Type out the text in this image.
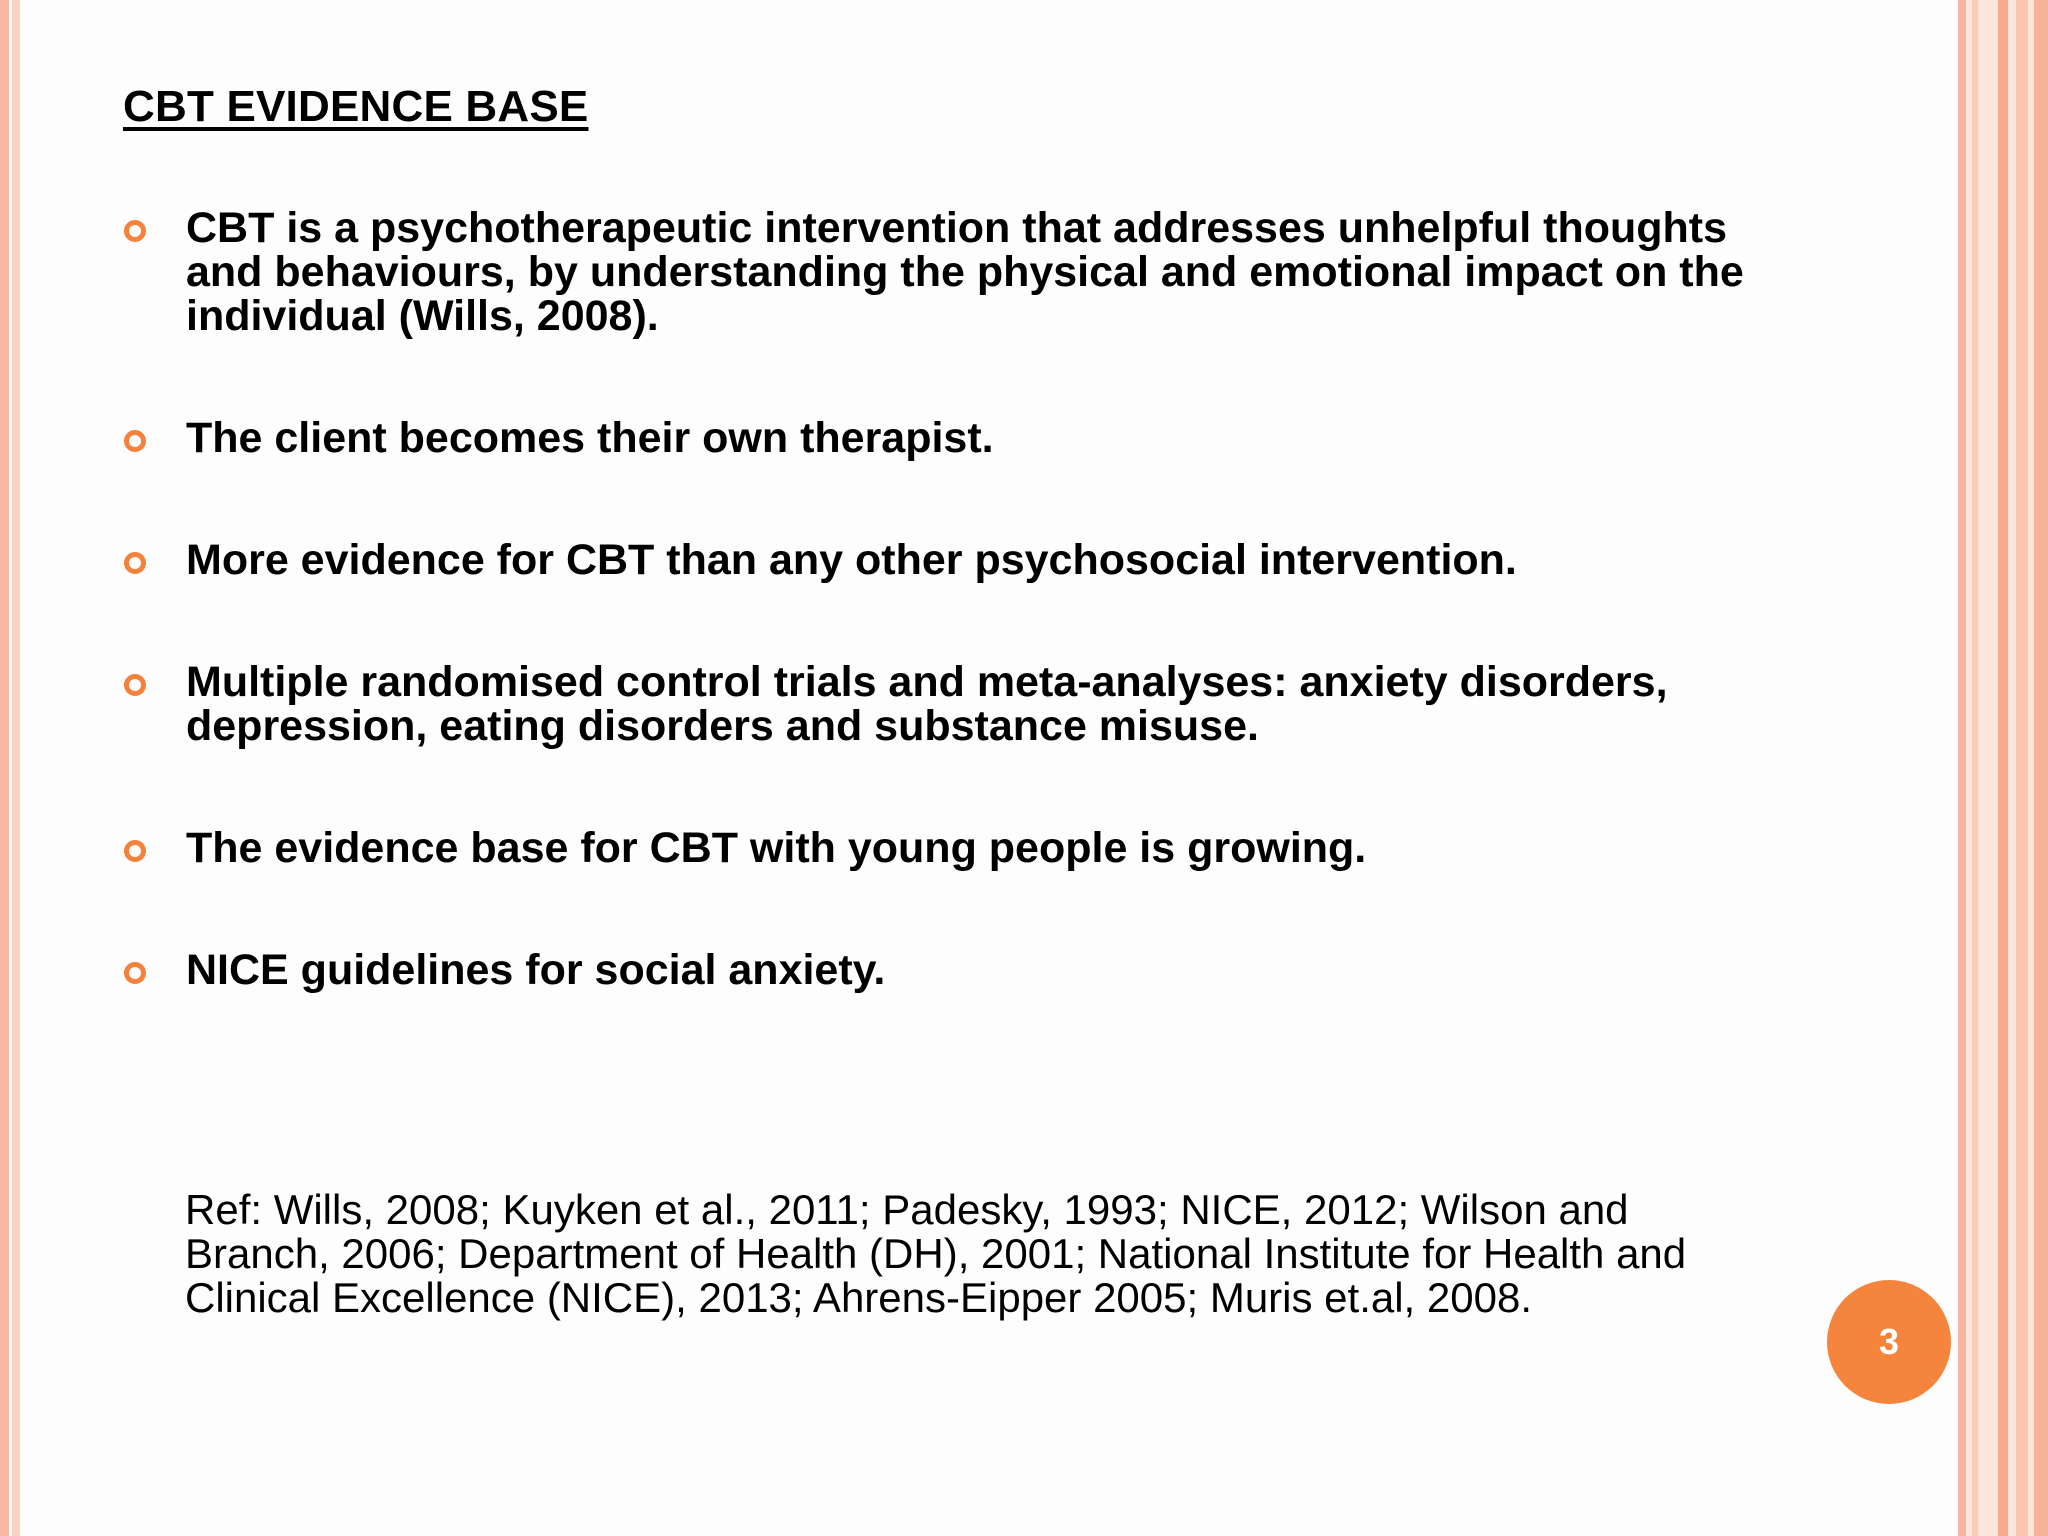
CBT EVIDENCE BASE
CBT is a psychotherapeutic intervention that addresses unhelpful thoughts and behaviours, by understanding the physical and emotional impact on the individual (Wills, 2008).
The client becomes their own therapist.
More evidence for CBT than any other psychosocial intervention.
Multiple randomised control trials and meta-analyses: anxiety disorders, depression, eating disorders and substance misuse.
The evidence base for CBT with young people is growing.
NICE guidelines for social anxiety.
Ref: Wills, 2008; Kuyken et al., 2011; Padesky, 1993; NICE, 2012; Wilson and Branch, 2006; Department of Health (DH), 2001; National Institute for Health and Clinical Excellence (NICE), 2013; Ahrens-Eipper 2005; Muris et.al, 2008.
3
